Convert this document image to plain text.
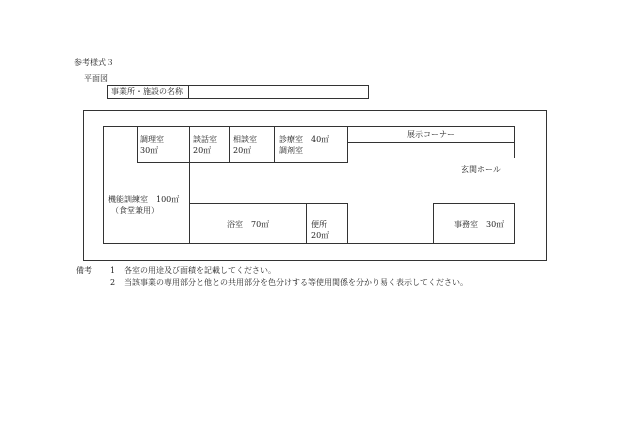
参考様式３
平面図
事業所・施設の名称
調理室
30㎡
談話室
20㎡
相談室
20㎡
診療室　40㎡
調剤室
展示コーナー
玄関ホール
機能訓練室　100㎡
（食堂兼用）
浴室　70㎡	便所
20㎡
事務室　30㎡
備考 1 各室の用途及び面積を記載してください。
2 当該事業の専用部分と他との共用部分を色分けする等使用関係を分かり易く表示してください。
